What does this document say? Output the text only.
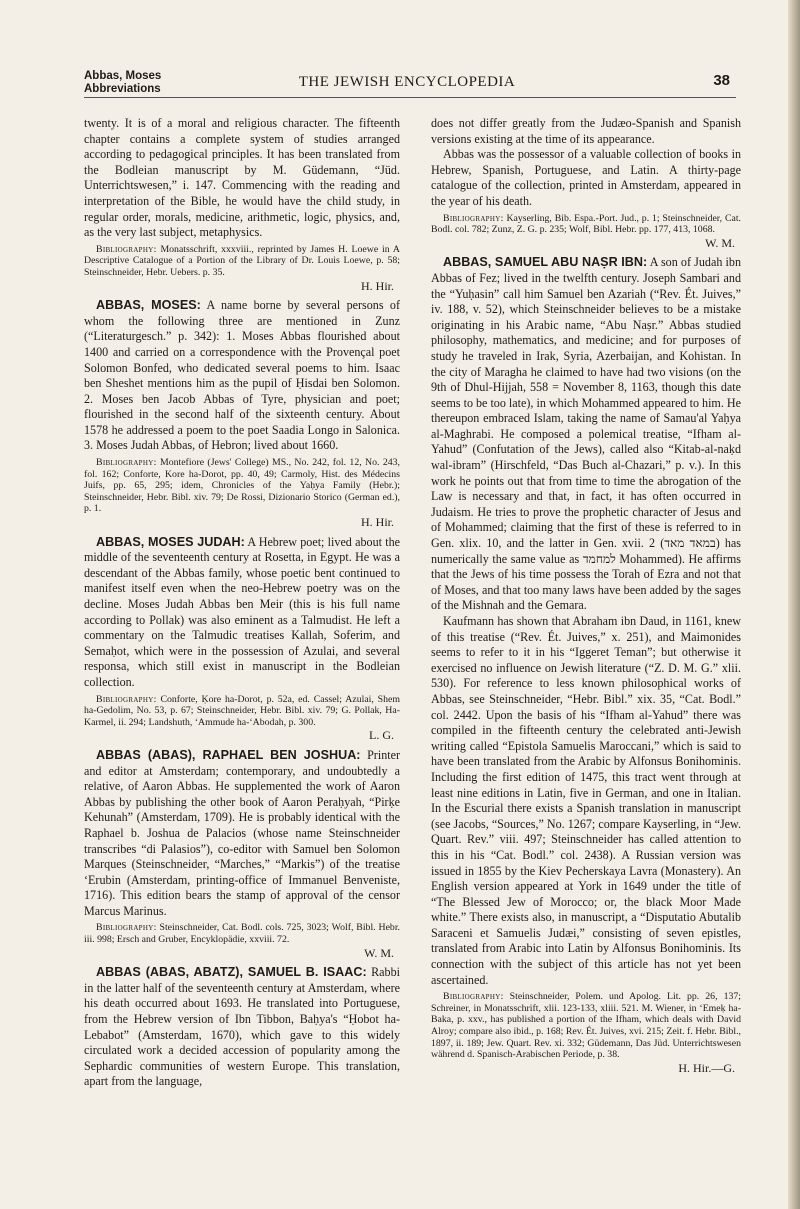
Abbas, Moses
Abbreviations	THE JEWISH ENCYCLOPEDIA	38

twenty. It is of a moral and religious character. The fifteenth chapter contains a complete system of studies arranged according to pedagogical principles. It has been translated from the Bodleian manuscript by M. Güdemann, “Jüd. Unterrichtswesen,” i. 147. Commencing with the reading and interpretation of the Bible, he would have the child study, in regular order, morals, medicine, arithmetic, logic, physics, and, as the very last subject, metaphysics.

Bibliography: Monatsschrift, xxxviii., reprinted by James H. Loewe in A Descriptive Catalogue of a Portion of the Library of Dr. Louis Loewe, p. 58; Steinschneider, Hebr. Uebers. p. 35.

H. Hir.

ABBAS, MOSES: A name borne by several persons of whom the following three are mentioned in Zunz (“Literaturgesch.” p. 342): 1. Moses Abbas flourished about 1400 and carried on a correspondence with the Provençal poet Solomon Bonfed, who dedicated several poems to him. Isaac ben Sheshet mentions him as the pupil of Ḥisdai ben Solomon. 2. Moses ben Jacob Abbas of Tyre, physician and poet; flourished in the second half of the sixteenth century. About 1578 he addressed a poem to the poet Saadia Longo in Salonica. 3. Moses Judah Abbas, of Hebron; lived about 1660.

Bibliography: Montefiore (Jews' College) MS., No. 242, fol. 12, No. 243, fol. 162; Conforte, Kore ha-Dorot, pp. 40, 49; Carmoly, Hist. des Médecins Juifs, pp. 65, 295; idem, Chronicles of the Yaḥya Family (Hebr.); Steinschneider, Hebr. Bibl. xiv. 79; De Rossi, Dizionario Storico (German ed.), p. 1.

H. Hir.

ABBAS, MOSES JUDAH: A Hebrew poet; lived about the middle of the seventeenth century at Rosetta, in Egypt. He was a descendant of the Abbas family, whose poetic bent continued to manifest itself even when the neo-Hebrew poetry was on the decline. Moses Judah Abbas ben Meir (this is his full name according to Pollak) was also eminent as a Talmudist. He left a commentary on the Talmudic treatises Kallah, Soferim, and Semaḥot, which were in the possession of Azulai, and several responsa, which still exist in manuscript in the Bodleian collection.

Bibliography: Conforte, Ḳore ha-Dorot, p. 52a, ed. Cassel; Azulai, Shem ha-Gedolim, No. 53, p. 67; Steinschneider, Hebr. Bibl. xiv. 79; G. Pollak, Ha-Karmel, ii. 294; Landshuth, ‘Ammude ha-‘Abodah, p. 300.

L. G.

ABBAS (ABAS), RAPHAEL BEN JOSHUA: Printer and editor at Amsterdam; contemporary, and undoubtedly a relative, of Aaron Abbas. He supplemented the work of Aaron Abbas by publishing the other book of Aaron Peraḥyah, “Pirḳe Kehunah” (Amsterdam, 1709). He is probably identical with the Raphael b. Joshua de Palacios (whose name Steinschneider transcribes “di Palasios”), co-editor with Samuel ben Solomon Marques (Steinschneider, “Marches,” “Markis”) of the treatise ‘Erubin (Amsterdam, printing-office of Immanuel Benveniste, 1716). This edition bears the stamp of approval of the censor Marcus Marinus.

Bibliography: Steinschneider, Cat. Bodl. cols. 725, 3023; Wolf, Bibl. Hebr. iii. 998; Ersch and Gruber, Encyklopädie, xxviii. 72.

W. M.

ABBAS (ABAS, ABATZ), SAMUEL B. ISAAC: Rabbi in the latter half of the seventeenth century at Amsterdam, where his death occurred about 1693. He translated into Portuguese, from the Hebrew version of Ibn Tibbon, Baḥya's “Ḥobot ha-Lebabot” (Amsterdam, 1670), which gave to this widely circulated work a decided accession of popularity among the Sephardic communities of western Europe. This translation, apart from the language,

does not differ greatly from the Judæo-Spanish and Spanish versions existing at the time of its appearance.

Abbas was the possessor of a valuable collection of books in Hebrew, Spanish, Portuguese, and Latin. A thirty-page catalogue of the collection, printed in Amsterdam, appeared in the year of his death.

Bibliography: Kayserling, Bib. Espa.-Port. Jud., p. 1; Steinschneider, Cat. Bodl. col. 782; Zunz, Z. G. p. 235; Wolf, Bibl. Hebr. pp. 177, 413, 1068.

W. M.

ABBAS, SAMUEL ABU NAṢR IBN: A son of Judah ibn Abbas of Fez; lived in the twelfth century. Joseph Sambari and the “Yuḥasin” call him Samuel ben Azariah (“Rev. Ét. Juives,” iv. 188, v. 52), which Steinschneider believes to be a mistake originating in his Arabic name, “Abu Naṣr.” Abbas studied philosophy, mathematics, and medicine; and for purposes of study he traveled in Irak, Syria, Azerbaijan, and Kohistan. In the city of Maragha he claimed to have had two visions (on the 9th of Dhul-Hijjah, 558 = November 8, 1163, though this date seems to be too late), in which Mohammed appeared to him. He thereupon embraced Islam, taking the name of Samau'al Yaḥya al-Maghrabi. He composed a polemical treatise, “Ifham al-Yahud” (Confutation of the Jews), called also “Kitab-al-naḳd wal-ibram” (Hirschfeld, “Das Buch al-Chazari,” p. v.). In this work he points out that from time to time the abrogation of the Law is necessary and that, in fact, it has often occurred in Judaism. He tries to prove the prophetic character of Jesus and of Mohammed; claiming that the first of these is referred to in Gen. xlix. 10, and the latter in Gen. xvii. 2 (במאד מאד) has numerically the same value as למחמד Mohammed). He affirms that the Jews of his time possess the Torah of Ezra and not that of Moses, and that too many laws have been added by the sages of the Mishnah and the Gemara.

Kaufmann has shown that Abraham ibn Daud, in 1161, knew of this treatise (“Rev. Ét. Juives,” x. 251), and Maimonides seems to refer to it in his “Iggeret Teman”; but otherwise it exercised no influence on Jewish literature (“Z. D. M. G.” xlii. 530). For reference to less known philosophical works of Abbas, see Steinschneider, “Hebr. Bibl.” xix. 35, “Cat. Bodl.” col. 2442. Upon the basis of his “Ifham al-Yahud” there was compiled in the fifteenth century the celebrated anti-Jewish writing called “Epistola Samuelis Maroccani,” which is said to have been translated from the Arabic by Alfonsus Bonihominis. Including the first edition of 1475, this tract went through at least nine editions in Latin, five in German, and one in Italian. In the Escurial there exists a Spanish translation in manuscript (see Jacobs, “Sources,” No. 1267; compare Kayserling, in “Jew. Quart. Rev.” viii. 497; Steinschneider has called attention to this in his “Cat. Bodl.” col. 2438). A Russian version was issued in 1855 by the Kiev Pecherskaya Lavra (Monastery). An English version appeared at York in 1649 under the title of “The Blessed Jew of Morocco; or, the black Moor Made white.” There exists also, in manuscript, a “Disputatio Abutalib Saraceni et Samuelis Judæi,” consisting of seven epistles, translated from Arabic into Latin by Alfonsus Bonihominis. Its connection with the subject of this article has not yet been ascertained.

Bibliography: Steinschneider, Polem. und Apolog. Lit. pp. 26, 137; Schreiner, in Monatsschrift, xlii. 123-133, xliii. 521. M. Wiener, in ‘Emeḳ ha-Baka, p. xxv., has published a portion of the Ifham, which deals with David Alroy; compare also ibid., p. 168; Rev. Ét. Juives, xvi. 215; Zeit. f. Hebr. Bibl., 1897, ii. 189; Jew. Quart. Rev. xi. 332; Güdemann, Das Jüd. Unterrichtswesen während d. Spanisch-Arabischen Periode, p. 38.

H. Hir.—G.
